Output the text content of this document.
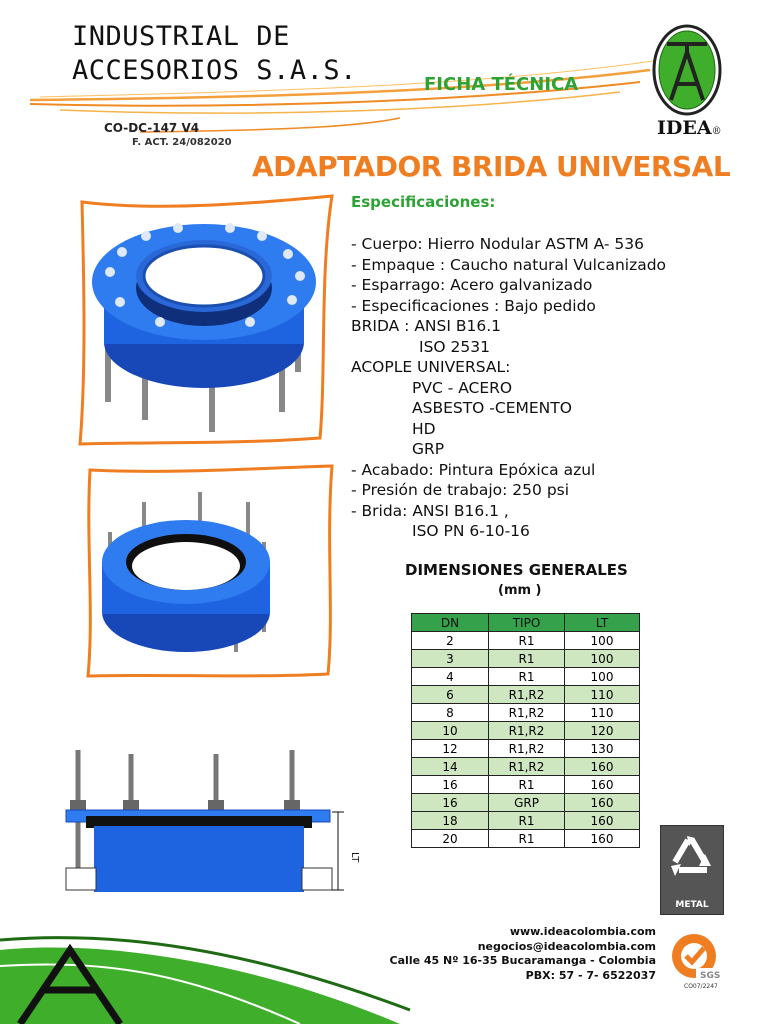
INDUSTRIAL DE
ACCESORIOS S.A.S.	FICHA TÉCNICA
CO-DC-147 V4
F. ACT. 24/082020
IDEA®
ADAPTADOR BRIDA UNIVERSAL
LT
Especificaciones:
- Cuerpo: Hierro Nodular ASTM A- 536
- Empaque : Caucho natural Vulcanizado
- Esparrago: Acero galvanizado
- Especificaciones : Bajo pedido
BRIDA : ANSI B16.1
ISO 2531
ACOPLE UNIVERSAL:
PVC - ACERO
ASBESTO -CEMENTO
HD
GRP
- Acabado: Pintura Epóxica azul
- Presión de trabajo: 250 psi
- Brida: ANSI B16.1 ,
ISO PN 6-10-16
DIMENSIONES GENERALES
(mm )
DN	TIPO	LT
2	R1	100
3	R1	100
4	R1	100
6	R1,R2	110
8	R1,R2	110
10	R1,R2	120
12	R1,R2	130
14	R1,R2	160
16	R1	160
16	GRP	160
18	R1	160
20	R1	160
METAL
www.ideacolombia.com
negocios@ideacolombia.com
Calle 45 Nº 16-35 Bucaramanga - Colombia
PBX: 57 - 7- 6522037	SGS
CO07/2247
